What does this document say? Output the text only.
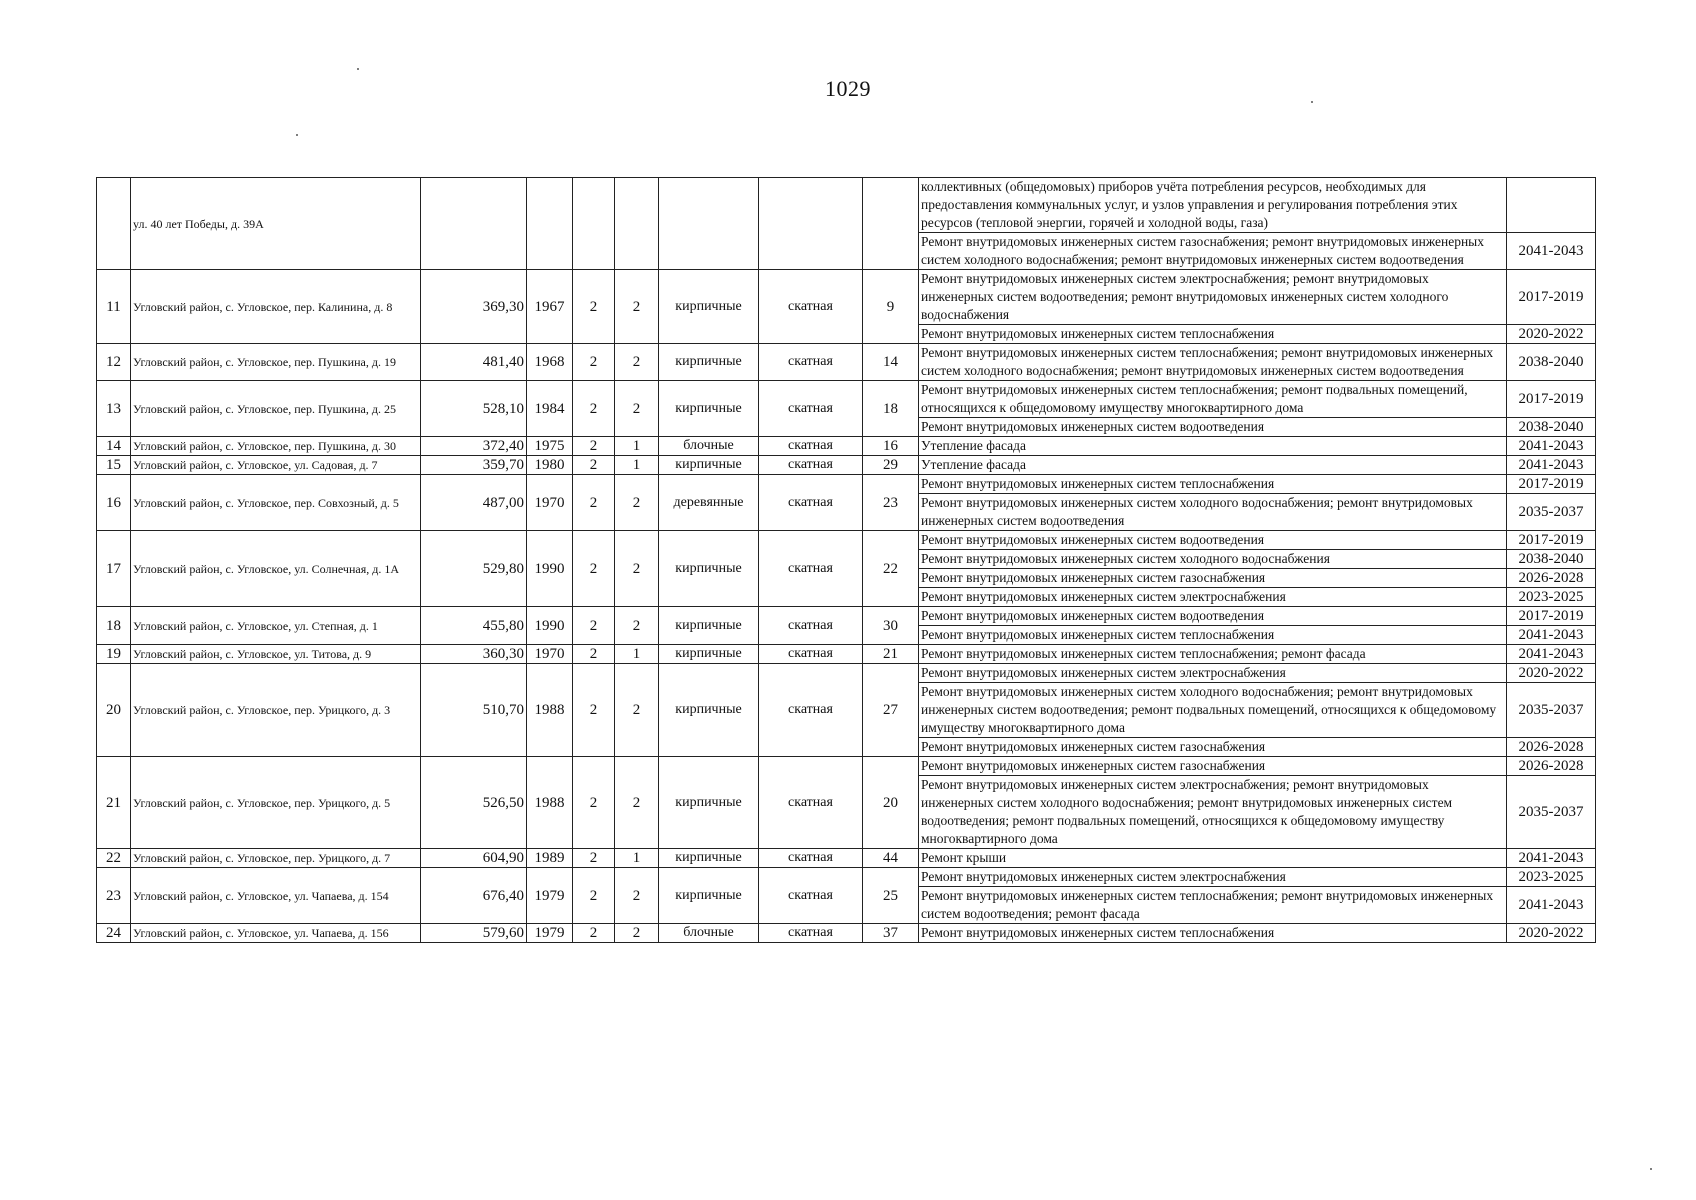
1029
	ул. 40 лет Победы, д. 39А								коллективных (общедомовых) приборов учёта потребления ресурсов, необходимых для предоставления коммунальных услуг, и узлов управления и регулирования потребления этих ресурсов (тепловой энергии, горячей и холодной воды, газа)	
									Ремонт внутридомовых инженерных систем газоснабжения; ремонт внутридомовых инженерных систем холодного водоснабжения; ремонт внутридомовых инженерных систем водоотведения	2041-2043
11	Угловский район, с. Угловское, пер. Калинина, д. 8	369,30	1967	2	2	кирпичные	скатная	9	Ремонт внутридомовых инженерных систем электроснабжения; ремонт внутридомовых инженерных систем водоотведения; ремонт внутридомовых инженерных систем холодного водоснабжения	2017-2019
									Ремонт внутридомовых инженерных систем теплоснабжения	2020-2022
12	Угловский район, с. Угловское, пер. Пушкина, д. 19	481,40	1968	2	2	кирпичные	скатная	14	Ремонт внутридомовых инженерных систем теплоснабжения; ремонт внутридомовых инженерных систем холодного водоснабжения; ремонт внутридомовых инженерных систем водоотведения	2038-2040
13	Угловский район, с. Угловское, пер. Пушкина, д. 25	528,10	1984	2	2	кирпичные	скатная	18	Ремонт внутридомовых инженерных систем теплоснабжения; ремонт подвальных помещений, относящихся к общедомовому имуществу многоквартирного дома	2017-2019
									Ремонт внутридомовых инженерных систем водоотведения	2038-2040
14	Угловский район, с. Угловское, пер. Пушкина, д. 30	372,40	1975	2	1	блочные	скатная	16	Утепление фасада	2041-2043
15	Угловский район, с. Угловское, ул. Садовая, д. 7	359,70	1980	2	1	кирпичные	скатная	29	Утепление фасада	2041-2043
16	Угловский район, с. Угловское, пер. Совхозный, д. 5	487,00	1970	2	2	деревянные	скатная	23	Ремонт внутридомовых инженерных систем теплоснабжения	2017-2019
									Ремонт внутридомовых инженерных систем холодного водоснабжения; ремонт внутридомовых инженерных систем водоотведения	2035-2037
17	Угловский район, с. Угловское, ул. Солнечная, д. 1А	529,80	1990	2	2	кирпичные	скатная	22	Ремонт внутридомовых инженерных систем водоотведения	2017-2019
									Ремонт внутридомовых инженерных систем холодного водоснабжения	2038-2040
									Ремонт внутридомовых инженерных систем газоснабжения	2026-2028
									Ремонт внутридомовых инженерных систем электроснабжения	2023-2025
18	Угловский район, с. Угловское, ул. Степная, д. 1	455,80	1990	2	2	кирпичные	скатная	30	Ремонт внутридомовых инженерных систем водоотведения	2017-2019
									Ремонт внутридомовых инженерных систем теплоснабжения	2041-2043
19	Угловский район, с. Угловское, ул. Титова, д. 9	360,30	1970	2	1	кирпичные	скатная	21	Ремонт внутридомовых инженерных систем теплоснабжения; ремонт фасада	2041-2043
20	Угловский район, с. Угловское, пер. Урицкого, д. 3	510,70	1988	2	2	кирпичные	скатная	27	Ремонт внутридомовых инженерных систем электроснабжения	2020-2022
									Ремонт внутридомовых инженерных систем холодного водоснабжения; ремонт внутридомовых инженерных систем водоотведения; ремонт подвальных помещений, относящихся к общедомовому имуществу многоквартирного дома	2035-2037
									Ремонт внутридомовых инженерных систем газоснабжения	2026-2028
21	Угловский район, с. Угловское, пер. Урицкого, д. 5	526,50	1988	2	2	кирпичные	скатная	20	Ремонт внутридомовых инженерных систем газоснабжения	2026-2028
									Ремонт внутридомовых инженерных систем электроснабжения; ремонт внутридомовых инженерных систем холодного водоснабжения; ремонт внутридомовых инженерных систем водоотведения; ремонт подвальных помещений, относящихся к общедомовому имуществу многоквартирного дома	2035-2037
22	Угловский район, с. Угловское, пер. Урицкого, д. 7	604,90	1989	2	1	кирпичные	скатная	44	Ремонт крыши	2041-2043
23	Угловский район, с. Угловское, ул. Чапаева, д. 154	676,40	1979	2	2	кирпичные	скатная	25	Ремонт внутридомовых инженерных систем электроснабжения	2023-2025
									Ремонт внутридомовых инженерных систем теплоснабжения; ремонт внутридомовых инженерных систем водоотведения; ремонт фасада	2041-2043
24	Угловский район, с. Угловское, ул. Чапаева, д. 156	579,60	1979	2	2	блочные	скатная	37	Ремонт внутридомовых инженерных систем теплоснабжения	2020-2022
